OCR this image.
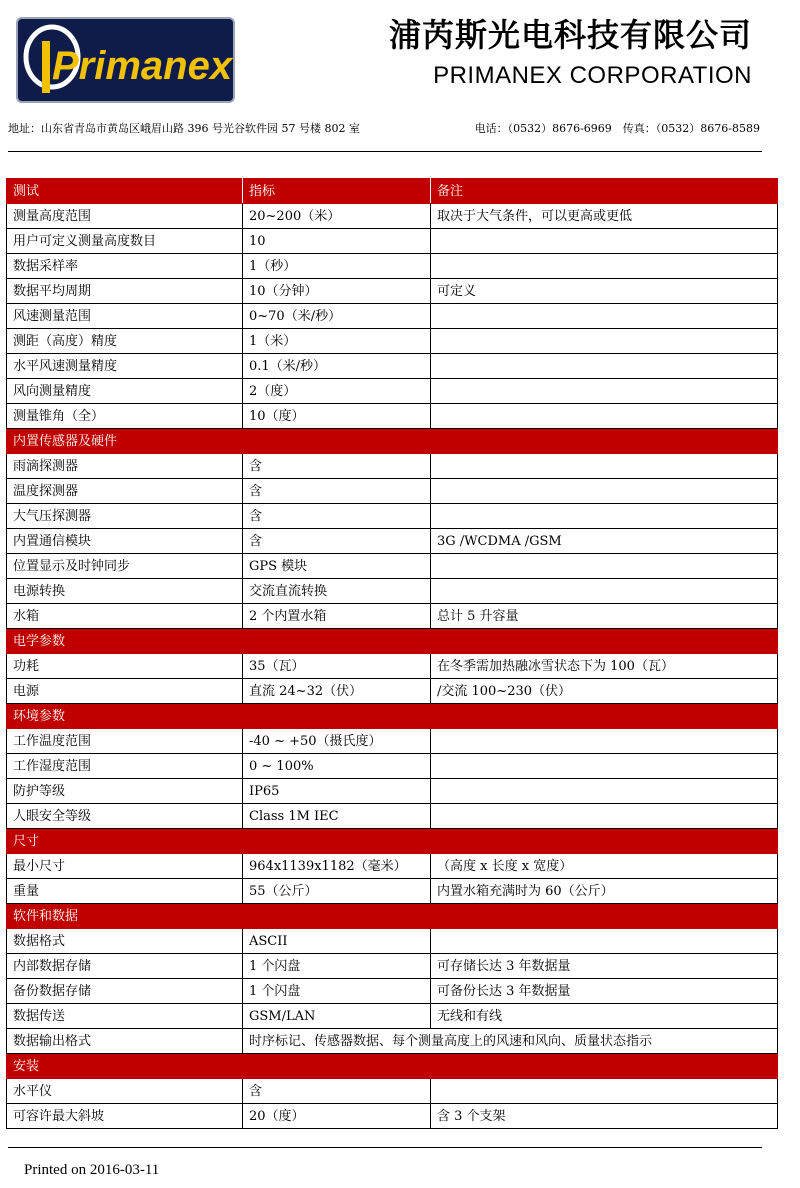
Primanex
浦芮斯光电科技有限公司
PRIMANEX CORPORATION
地址：山东省青岛市黄岛区峨眉山路 396 号光谷软件园 57 号楼 802 室	电话：（0532）8676-6969　传真：（0532）8676-8589
测试	指标	备注
测量高度范围	20~200（米）	取决于大气条件，可以更高或更低
用户可定义测量高度数目	10	
数据采样率	1（秒）	
数据平均周期	10（分钟）	可定义
风速测量范围	0~70（米/秒）	
测距（高度）精度	1（米）	
水平风速测量精度	0.1（米/秒）	
风向测量精度	2（度）	
测量锥角（全）	10（度）	
内置传感器及硬件		
雨滴探测器	含	
温度探测器	含	
大气压探测器	含	
内置通信模块	含	3G /WCDMA /GSM
位置显示及时钟同步	GPS 模块	
电源转换	交流直流转换	
水箱	2 个内置水箱	总计 5 升容量
电学参数		
功耗	35（瓦）	在冬季需加热融冰雪状态下为 100（瓦）
电源	直流 24~32（伏）	/交流 100~230（伏）
环境参数		
工作温度范围	-40 ~ +50（摄氏度）	
工作湿度范围	0 ~ 100%	
防护等级	IP65	
人眼安全等级	Class 1M IEC	
尺寸		
最小尺寸	964x1139x1182（毫米）	（高度 x 长度 x 宽度）
重量	55（公斤）	内置水箱充满时为 60（公斤）
软件和数据		
数据格式	ASCII	
内部数据存储	1 个闪盘	可存储长达 3 年数据量
备份数据存储	1 个闪盘	可备份长达 3 年数据量
数据传送	GSM/LAN	无线和有线
数据输出格式	时序标记、传感器数据、每个测量高度上的风速和风向、质量状态指示	
安装		
水平仪	含	
可容许最大斜坡	20（度）	含 3 个支架
Printed on 2016-03-11
